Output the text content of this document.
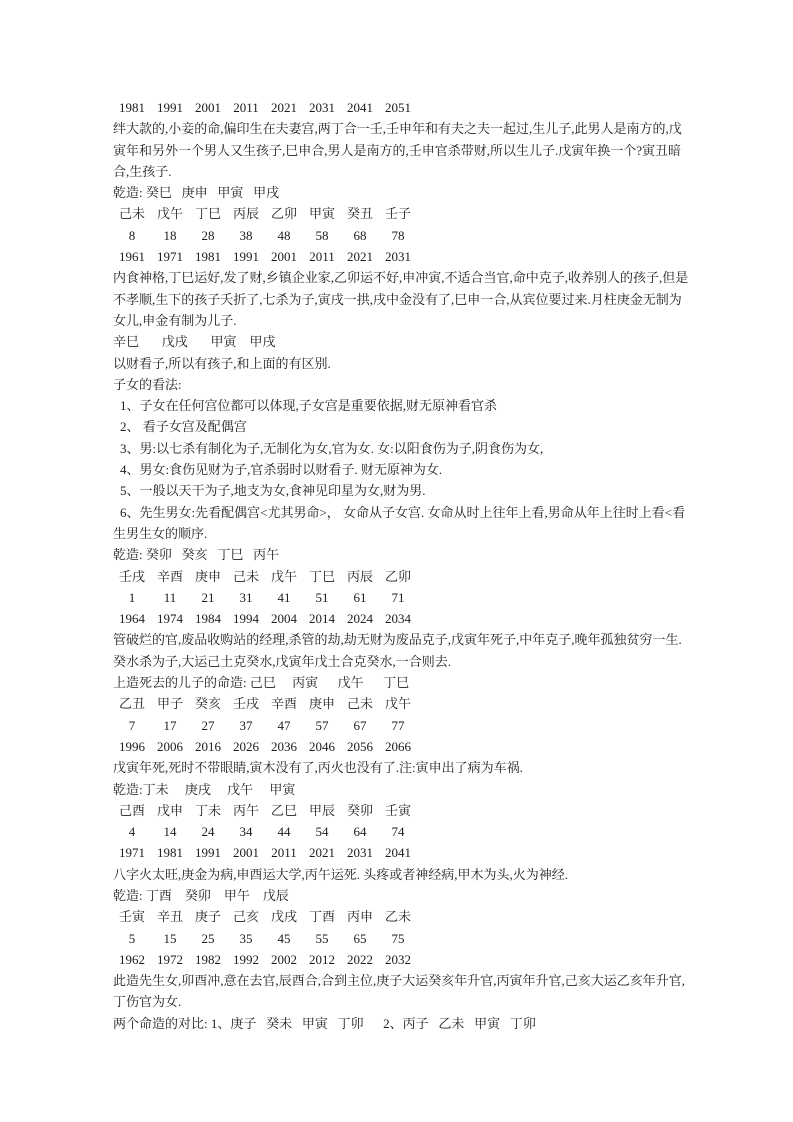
1981 1991 2001 2011 2021 2031 2041 2051
绊大款的,小妾的命,偏印生在夫妻宫,两丁合一壬,壬申年和有夫之夫一起过,生儿子,此男人是南方的,戊寅年和另外一个男人又生孩子,巳申合,男人是南方的,壬申官杀带财,所以生儿子.戊寅年换一个?寅丑暗合,生孩子.
乾造: 癸巳   庚申   甲寅   甲戌
己未 戊午 丁巳 丙辰 乙卯 甲寅 癸丑 壬子
8	18	28	38	48	58	68	78
1961 1971 1981 1991 2001 2011 2021 2031
内食神格,丁巳运好,发了财,乡镇企业家,乙卯运不好,申冲寅,不适合当官,命中克子,收养别人的孩子,但是不孝顺,生下的孩子夭折了,七杀为子,寅戌一拱,戌中金没有了,巳申一合,从宾位要过来.月柱庚金无制为女儿,申金有制为儿子.
辛巳       戊戌       甲寅    甲戌
以财看子,所以有孩子,和上面的有区别.
子女的看法:
1、子女在任何宫位都可以体现,子女宫是重要依据,财无原神看官杀
2、 看子女宫及配偶宫
3、男:以七杀有制化为子,无制化为女,官为女. 女:以阳食伤为子,阴食伤为女,
4、男女:食伤见财为子,官杀弱时以财看子. 财无原神为女.
5、一般以天干为子,地支为女,食神见印星为女,财为男.
6、先生男女:先看配偶宫<尤其男命>， 女命从子女宫. 女命从时上往年上看,男命从年上往时上看<看生男生女的顺序.
乾造: 癸卯   癸亥   丁巳   丙午
壬戌 辛酉 庚申 己未 戊午 丁巳 丙辰 乙卯
1	11	21	31	41	51	61	71
1964 1974 1984 1994 2004 2014 2024 2034
管破烂的官,废品收购站的经理,杀管的劫,劫无财为废品克子,戊寅年死子,中年克子,晚年孤独贫穷一生.
癸水杀为子,大运己土克癸水,戊寅年戊土合克癸水,一合则去.
上造死去的儿子的命造: 己巳     丙寅      戊午      丁巳
乙丑 甲子 癸亥 壬戌 辛酉 庚申 己未 戊午
7	17	27	37	47	57	67	77
1996 2006 2016 2026 2036 2046 2056 2066
戊寅年死,死时不带眼睛,寅木没有了,丙火也没有了.注:寅申出了病为车祸.
乾造:丁未     庚戌     戊午     甲寅
己酉 戊申 丁未 丙午 乙巳 甲辰 癸卯 壬寅
4	14	24	34	44	54	64	74
1971 1981 1991 2001 2011 2021 2031 2041
八字火太旺,庚金为病,申酉运大学,丙午运死. 头疼或者神经病,甲木为头,火为神经.
乾造: 丁酉    癸卯    甲午    戊辰
壬寅 辛丑 庚子 己亥 戊戌 丁酉 丙申 乙未
5	15	25	35	45	55	65	75
1962 1972 1982 1992 2002 2012 2022 2032
此造先生女,卯酉冲,意在去官,辰酉合,合到主位,庚子大运癸亥年升官,丙寅年升官,己亥大运乙亥年升官,丁伤官为女.
两个命造的对比: 1、庚子   癸未   甲寅   丁卯      2、丙子   乙未   甲寅   丁卯
